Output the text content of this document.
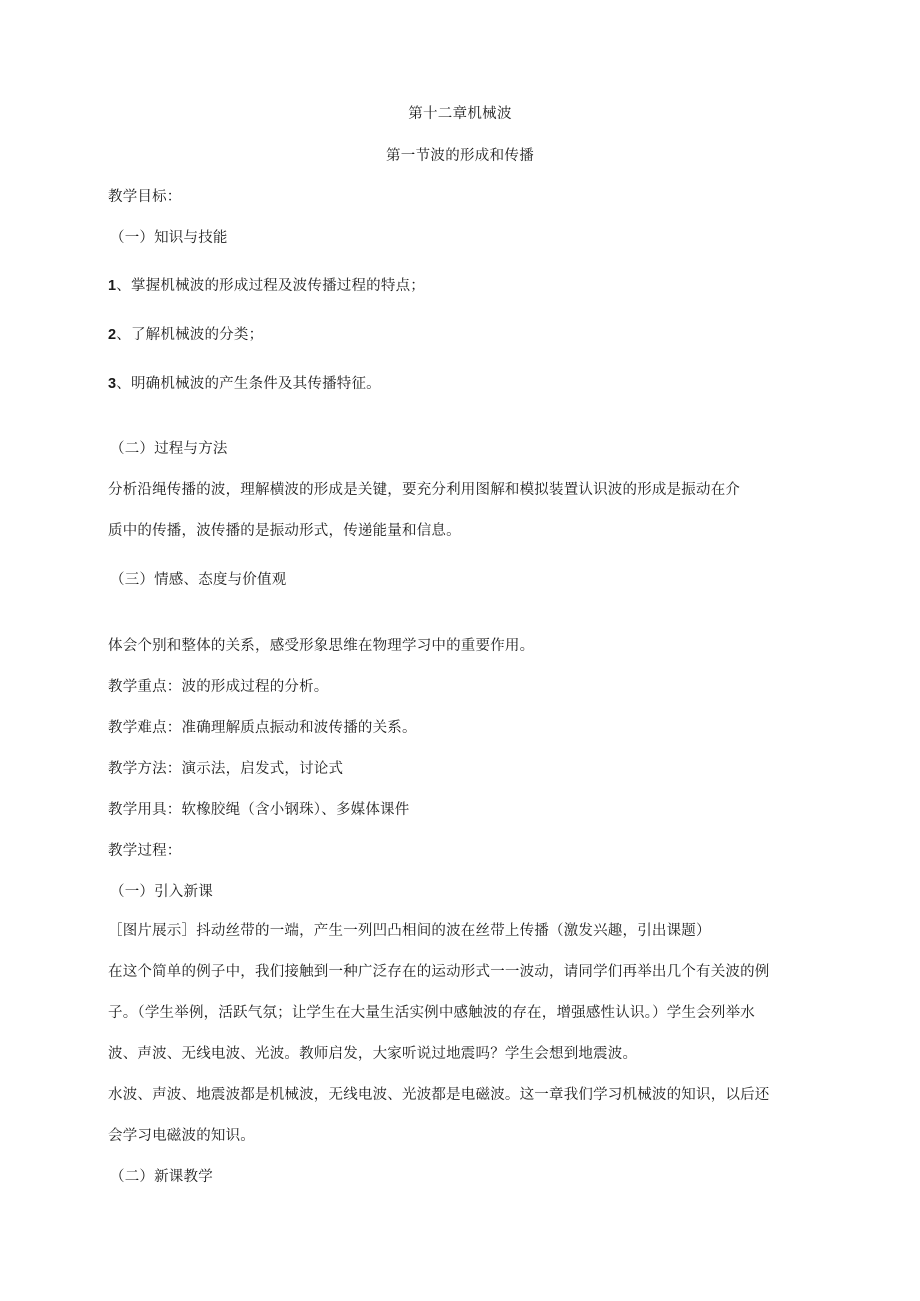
第十二章机械波
第一节波的形成和传播
教学目标：
（一）知识与技能
1、掌握机械波的形成过程及波传播过程的特点；
2、了解机械波的分类；
3、明确机械波的产生条件及其传播特征。
（二）过程与方法
分析沿绳传播的波，理解横波的形成是关键，要充分利用图解和模拟装置认识波的形成是振动在介
质中的传播，波传播的是振动形式，传递能量和信息。
（三）情感、态度与价值观
体会个别和整体的关系，感受形象思维在物理学习中的重要作用。
教学重点：波的形成过程的分析。
教学难点：准确理解质点振动和波传播的关系。
教学方法：演示法，启发式，讨论式
教学用具：软橡胶绳（含小钢珠）、多媒体课件
教学过程：
（一）引入新课
［图片展示］抖动丝带的一端，产生一列凹凸相间的波在丝带上传播（激发兴趣，引出课题）
在这个简单的例子中，我们接触到一种广泛存在的运动形式一一波动，请同学们再举出几个有关波的例
子。（学生举例，活跃气氛；让学生在大量生活实例中感触波的存在，增强感性认识。）学生会列举水
波、声波、无线电波、光波。教师启发，大家听说过地震吗？学生会想到地震波。
水波、声波、地震波都是机械波，无线电波、光波都是电磁波。这一章我们学习机械波的知识，以后还
会学习电磁波的知识。
（二）新课教学
